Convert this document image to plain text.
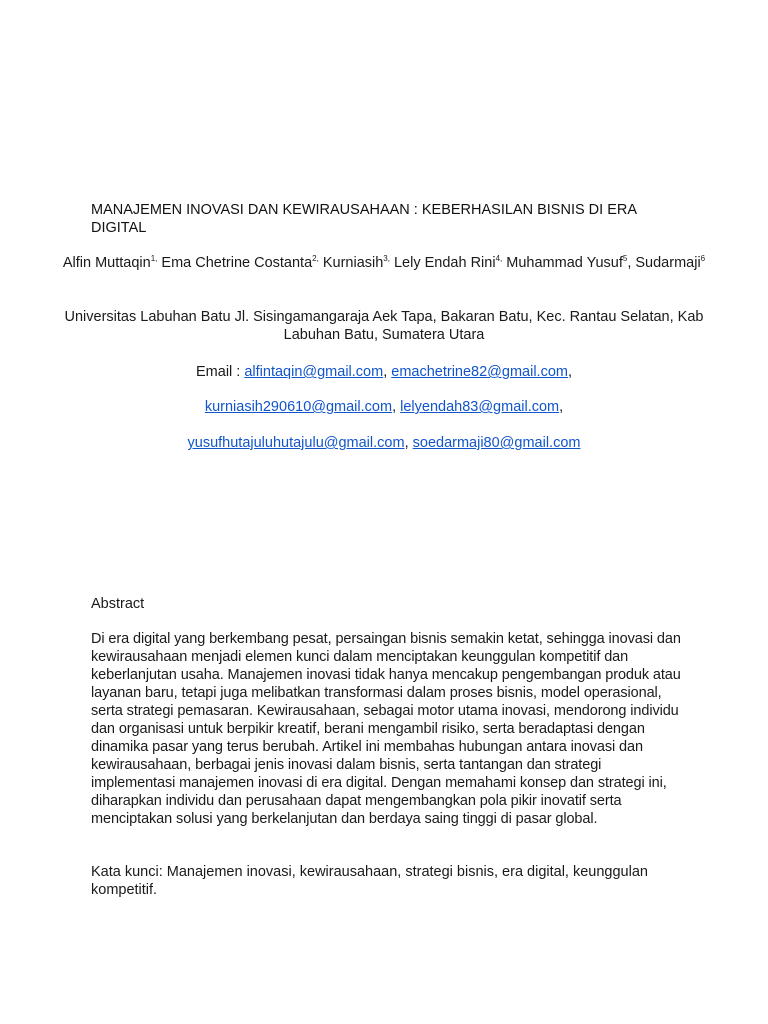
MANAJEMEN INOVASI DAN KEWIRAUSAHAAN : KEBERHASILAN BISNIS DI ERA DIGITAL

Alfin Muttaqin$^{1,}$ Ema Chetrine Costanta$^{2,}$ Kurniasih$^{3,}$ Lely Endah Rini$^{4,}$ Muhammad Yusuf$^5$, Sudarmaji$^6$

Universitas Labuhan Batu Jl. Sisingamangaraja Aek Tapa, Bakaran Batu, Kec. Rantau Selatan, Kab Labuhan Batu, Sumatera Utara

Email : alfintaqin@gmail.com, emachetrine82@gmail.com,

kurniasih290610@gmail.com, lelyendah83@gmail.com,

yusufhutajuluhutajulu@gmail.com, soedarmaji80@gmail.com

Abstract

Di era digital yang berkembang pesat, persaingan bisnis semakin ketat, sehingga inovasi dan kewirausahaan menjadi elemen kunci dalam menciptakan keunggulan kompetitif dan keberlanjutan usaha. Manajemen inovasi tidak hanya mencakup pengembangan produk atau layanan baru, tetapi juga melibatkan transformasi dalam proses bisnis, model operasional, serta strategi pemasaran. Kewirausahaan, sebagai motor utama inovasi, mendorong individu dan organisasi untuk berpikir kreatif, berani mengambil risiko, serta beradaptasi dengan dinamika pasar yang terus berubah. Artikel ini membahas hubungan antara inovasi dan kewirausahaan, berbagai jenis inovasi dalam bisnis, serta tantangan dan strategi implementasi manajemen inovasi di era digital. Dengan memahami konsep dan strategi ini, diharapkan individu dan perusahaan dapat mengembangkan pola pikir inovatif serta menciptakan solusi yang berkelanjutan dan berdaya saing tinggi di pasar global.

Kata kunci: Manajemen inovasi, kewirausahaan, strategi bisnis, era digital, keunggulan kompetitif.
